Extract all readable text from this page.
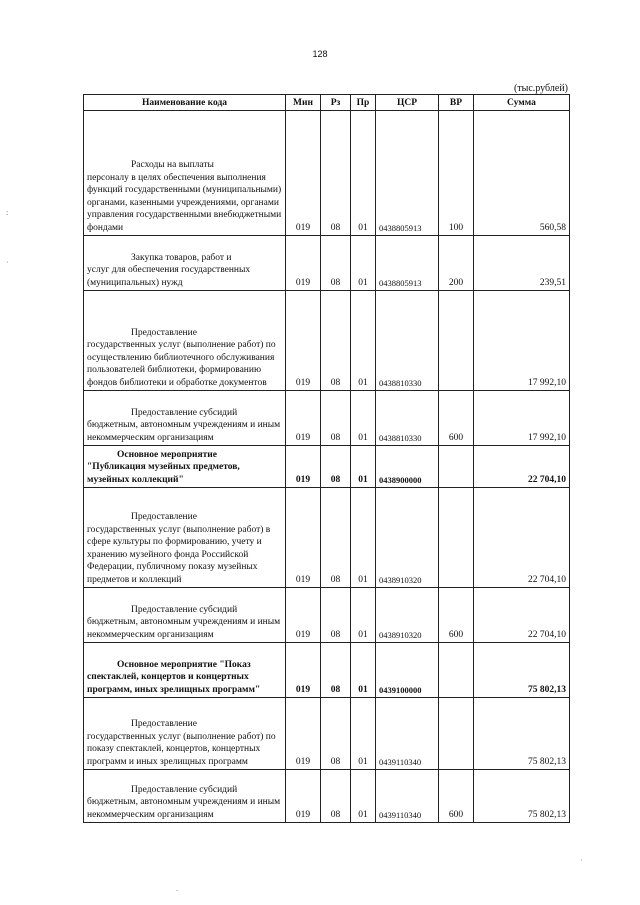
128
(тыс.рублей)
Наименование кода	Мин	Рз	Пр	ЦСР	ВР	Сумма

Расходы на выплаты
персоналу в целях обеспечения выполнения функций государственными (муниципальными) органами, казенными учреждениями, органами управления государственными внебюджетными фондами	019	08	01	0438805913	100	560,58

Закупка товаров, работ и
услуг для обеспечения государственных (муниципальных) нужд	019	08	01	0438805913	200	239,51

Предоставление
государственных услуг (выполнение работ) по осуществлению библиотечного обслуживания пользователей библиотеки, формированию фондов библиотеки и обработке документов	019	08	01	0438810330		17 992,10

Предоставление субсидий
бюджетным, автономным учреждениям и иным некоммерческим организациям	019	08	01	0438810330	600	17 992,10

Основное мероприятие
"Публикация музейных предметов, музейных коллекций"	019	08	01	0438900000		22 704,10

Предоставление
государственных услуг (выполнение работ) в сфере культуры по формированию, учету и хранению музейного фонда Российской Федерации, публичному показу музейных предметов и коллекций	019	08	01	0438910320		22 704,10

Предоставление субсидий
бюджетным, автономным учреждениям и иным некоммерческим организациям	019	08	01	0438910320	600	22 704,10

Основное мероприятие "Показ
спектаклей, концертов и концертных программ, иных зрелищных программ"	019	08	01	0439100000		75 802,13

Предоставление
государственных услуг (выполнение работ) по показу спектаклей, концертов, концертных программ и иных зрелищных программ	019	08	01	0439110340		75 802,13

Предоставление субсидий
бюджетным, автономным учреждениям и иным некоммерческим организациям	019	08	01	0439110340	600	75 802,13
:
·
.
·
